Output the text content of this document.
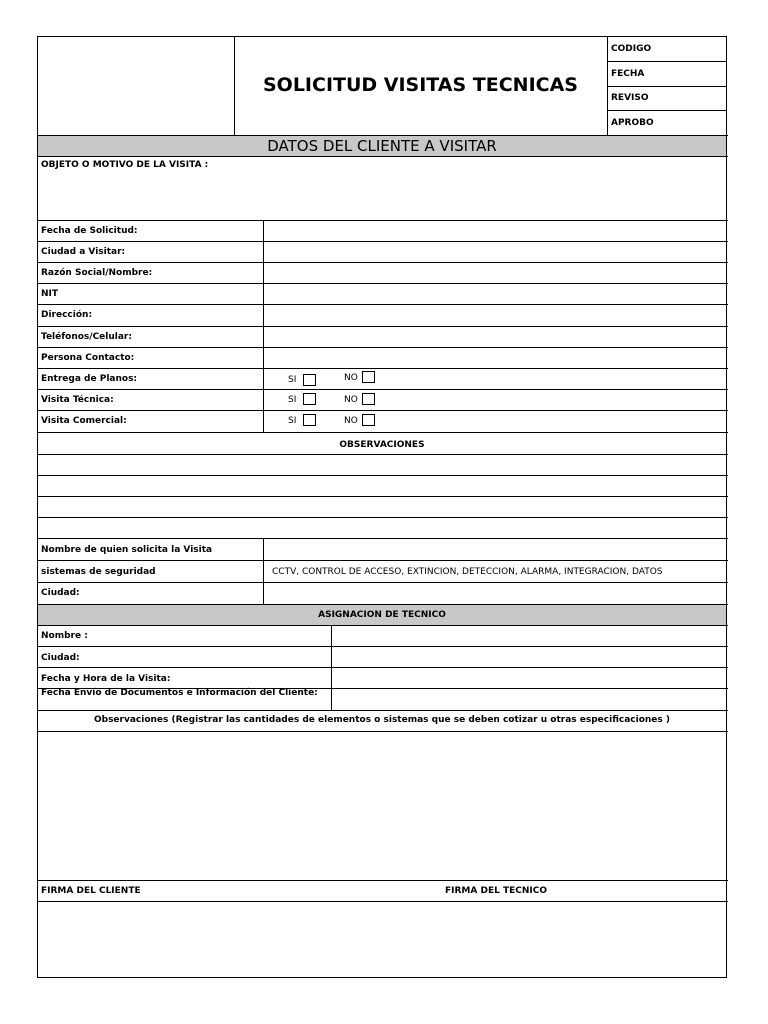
SOLICITUD VISITAS TECNICAS
CODIGO
FECHA
REVISO
APROBO
DATOS DEL CLIENTE A VISITAR
OBJETO O MOTIVO DE LA VISITA :
Fecha de Solicitud:
Ciudad a Visitar:
Razón Social/Nombre:
NIT
Dirección:
Teléfonos/Celular:
Persona Contacto:
Entrega de Planos:	SI	NO
Visita Técnica:	SI	NO
Visita Comercial:	SI	NO
OBSERVACIONES
Nombre de quien solicita la Visita
sistemas de seguridad	CCTV, CONTROL DE ACCESO, EXTINCION, DETECCION, ALARMA, INTEGRACION, DATOS
Ciudad:
ASIGNACION DE TECNICO
Nombre :
Ciudad:
Fecha y Hora de la Visita:
Fecha Envío de Documentos e Información del Cliente:
Observaciones (Registrar las cantidades de elementos o sistemas que se deben cotizar u otras especificaciones )
FIRMA DEL CLIENTE	FIRMA DEL TECNICO
